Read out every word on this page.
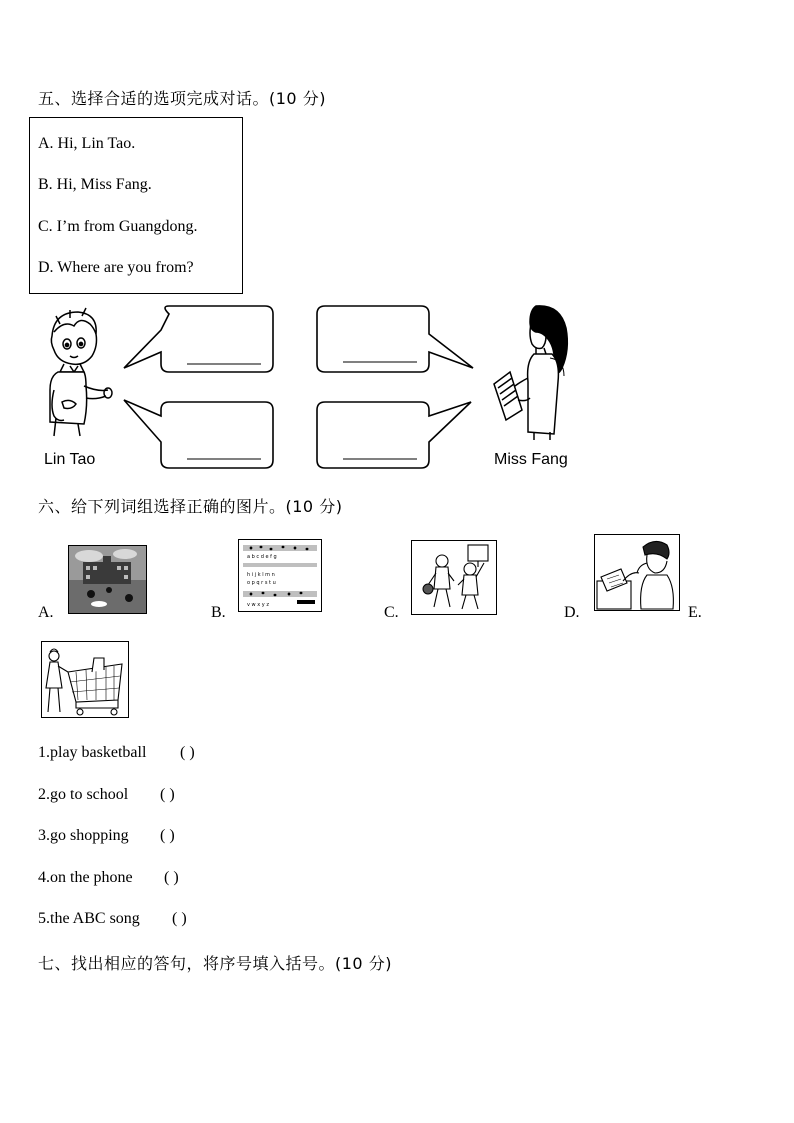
五、选择合适的选项完成对话。(10 分)
A. Hi, Lin Tao.
B. Hi, Miss Fang.
C. I’m from Guangdong.
D. Where are you from?
Lin Tao	Miss Fang
六、给下列词组选择正确的图片。(10 分)
A.	B.
a b c d e f g
h i j k l m n
o p q r s t u
v w x y z	C.	D.	E.
1.play basketball ( )
2.go to school ( )
3.go shopping ( )
4.on the phone ( )
5.the ABC song ( )
七、找出相应的答句，将序号填入括号。(10 分)
